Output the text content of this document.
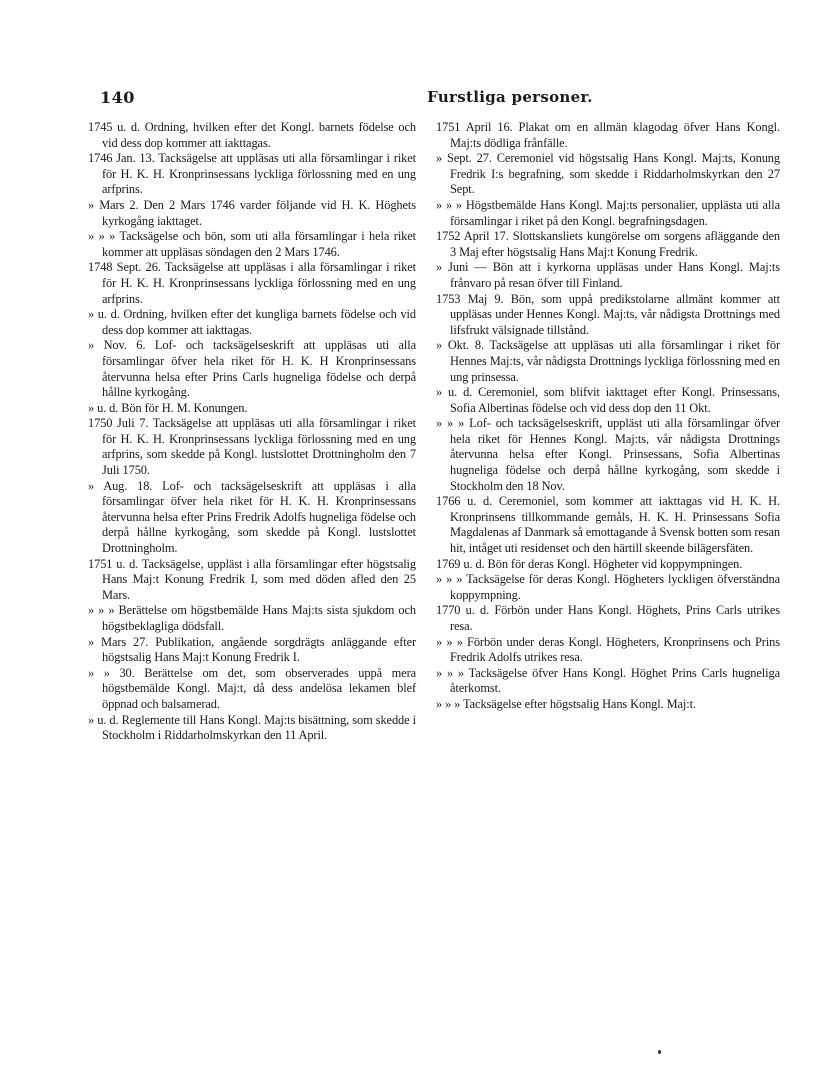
140	Furstliga personer.

1745 u. d. Ordning, hvilken efter det Kongl. barnets födelse och vid dess dop kommer att iakttagas.

1746 Jan. 13. Tacksägelse att uppläsas uti alla församlingar i riket för H. K. H. Kronprinsessans lyckliga förlossning med en ung arfprins.

» Mars 2. Den 2 Mars 1746 varder följande vid H. K. Höghets kyrkogång iakttaget.

» » » Tacksägelse och bön, som uti alla församlingar i hela riket kommer att uppläsas söndagen den 2 Mars 1746.

1748 Sept. 26. Tacksägelse att uppläsas i alla församlingar i riket för H. K. H. Kronprinsessans lyckliga förlossning med en ung arfprins.

» u. d. Ordning, hvilken efter det kungliga barnets födelse och vid dess dop kommer att iakttagas.

» Nov. 6. Lof- och tacksägelseskrift att uppläsas uti alla församlingar öfver hela riket för H. K. H Kronprinsessans återvunna helsa efter Prins Carls hugneliga födelse och derpå hållne kyrkogång.

» u. d. Bön för H. M. Konungen.

1750 Juli 7. Tacksägelse att uppläsas uti alla församlingar i riket för H. K. H. Kronprinsessans lyckliga förlossning med en ung arfprins, som skedde på Kongl. lustslottet Drottningholm den 7 Juli 1750.

» Aug. 18. Lof- och tacksägelseskrift att uppläsas i alla församlingar öfver hela riket för H. K. H. Kronprinsessans återvunna helsa efter Prins Fredrik Adolfs hugneliga födelse och derpå hållne kyrkogång, som skedde på Kongl. lustslottet Drottningholm.

1751 u. d. Tacksägelse, uppläst i alla församlingar efter högstsalig Hans Maj:t Konung Fredrik I, som med döden afled den 25 Mars.

» » » Berättelse om högstbemälde Hans Maj:ts sista sjukdom och högstbeklagliga dödsfall.

» Mars 27. Publikation, angående sorgdrägts anläggande efter högstsalig Hans Maj:t Konung Fredrik I.

» » 30. Berättelse om det, som observerades uppå mera högstbemälde Kongl. Maj:t, då dess andelösa lekamen blef öppnad och balsamerad.

» u. d. Reglemente till Hans Kongl. Maj:ts bisättning, som skedde i Stockholm i Riddarholmskyrkan den 11 April.

1751 April 16. Plakat om en allmän klagodag öfver Hans Kongl. Maj:ts dödliga frånfälle.

» Sept. 27. Ceremoniel vid högstsalig Hans Kongl. Maj:ts, Konung Fredrik I:s begrafning, som skedde i Riddarholmskyrkan den 27 Sept.

» » » Högstbemälde Hans Kongl. Maj:ts personalier, upplästa uti alla församlingar i riket på den Kongl. begrafningsdagen.

1752 April 17. Slottskansliets kungörelse om sorgens afläggande den 3 Maj efter högstsalig Hans Maj:t Konung Fredrik.

» Juni — Bön att i kyrkorna uppläsas under Hans Kongl. Maj:ts frånvaro på resan öfver till Finland.

1753 Maj 9. Bön, som uppå predikstolarne allmänt kommer att uppläsas under Hennes Kongl. Maj:ts, vår nådigsta Drottnings med lifsfrukt välsignade tillstånd.

» Okt. 8. Tacksägelse att uppläsas uti alla församlingar i riket för Hennes Maj:ts, vår nådigsta Drottnings lyckliga förlossning med en ung prinsessa.

» u. d. Ceremoniel, som blifvit iakttaget efter Kongl. Prinsessans, Sofia Albertinas födelse och vid dess dop den 11 Okt.

» » » Lof- och tacksägelseskrift, uppläst uti alla församlingar öfver hela riket för Hennes Kongl. Maj:ts, vår nådigsta Drottnings återvunna helsa efter Kongl. Prinsessans, Sofia Albertinas hugneliga födelse och derpå hållne kyrkogång, som skedde i Stockholm den 18 Nov.

1766 u. d. Ceremoniel, som kommer att iakttagas vid H. K. H. Kronprinsens tillkommande gemåls, H. K. H. Prinsessans Sofia Magdalenas af Danmark så emottagande å Svensk botten som resan hit, intåget uti residenset och den härtill skeende bilägersfäten.

1769 u. d. Bön för deras Kongl. Högheter vid koppympningen.

» » » Tacksägelse för deras Kongl. Högheters lyckligen öfverständna koppympning.

1770 u. d. Förbön under Hans Kongl. Höghets, Prins Carls utrikes resa.

» » » Förbön under deras Kongl. Högheters, Kronprinsens och Prins Fredrik Adolfs utrikes resa.

» » » Tacksägelse öfver Hans Kongl. Höghet Prins Carls hugneliga återkomst.

» » » Tacksägelse efter högstsalig Hans Kongl. Maj:t.
